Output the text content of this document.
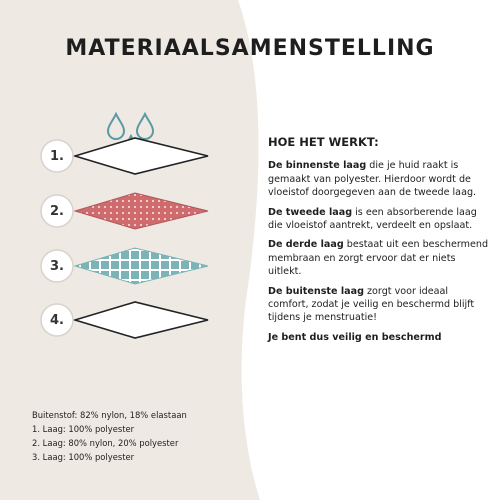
MATERIAALSAMENSTELLING
1.
2.
3.
4.

HOE HET WERKT:

De binnenste laag die je huid raakt is gemaakt van polyester. Hierdoor wordt de vloeistof doorgegeven aan de tweede laag.

De tweede laag is een absorberende laag die vloeistof aantrekt, verdeelt en opslaat.

De derde laag bestaat uit een beschermend membraan en zorgt ervoor dat er niets uitlekt.

De buitenste laag zorgt voor ideaal comfort, zodat je veilig en beschermd blijft tijdens je menstruatie!

Je bent dus veilig en beschermd

Buitenstof: 82% nylon, 18% elastaan
1. Laag: 100% polyester
2. Laag: 80% nylon, 20% polyester
3. Laag: 100% polyester
